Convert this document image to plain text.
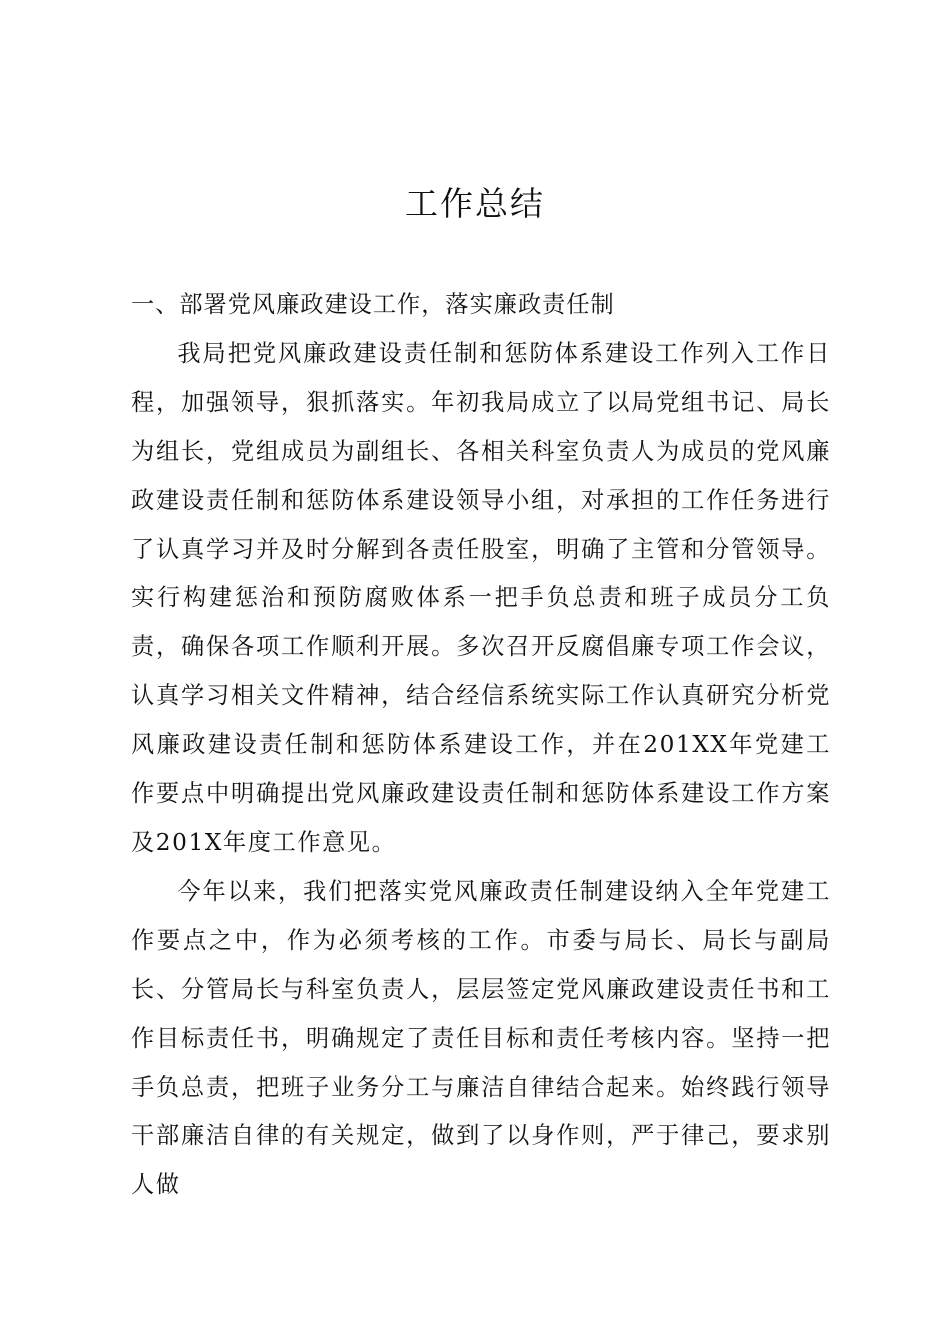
工作总结

一、部署党风廉政建设工作，落实廉政责任制

我局把党风廉政建设责任制和惩防体系建设工作列入工作日程，加强领导，狠抓落实。年初我局成立了以局党组书记、局长为组长，党组成员为副组长、各相关科室负责人为成员的党风廉政建设责任制和惩防体系建设领导小组，对承担的工作任务进行了认真学习并及时分解到各责任股室，明确了主管和分管领导。实行构建惩治和预防腐败体系一把手负总责和班子成员分工负责，确保各项工作顺利开展。多次召开反腐倡廉专项工作会议，认真学习相关文件精神，结合经信系统实际工作认真研究分析党风廉政建设责任制和惩防体系建设工作，并在201XX年党建工作要点中明确提出党风廉政建设责任制和惩防体系建设工作方案及201X年度工作意见。

今年以来，我们把落实党风廉政责任制建设纳入全年党建工作要点之中，作为必须考核的工作。市委与局长、局长与副局长、分管局长与科室负责人，层层签定党风廉政建设责任书和工作目标责任书，明确规定了责任目标和责任考核内容。坚持一把手负总责，把班子业务分工与廉洁自律结合起来。始终践行领导干部廉洁自律的有关规定，做到了以身作则，严于律己，要求别人做
